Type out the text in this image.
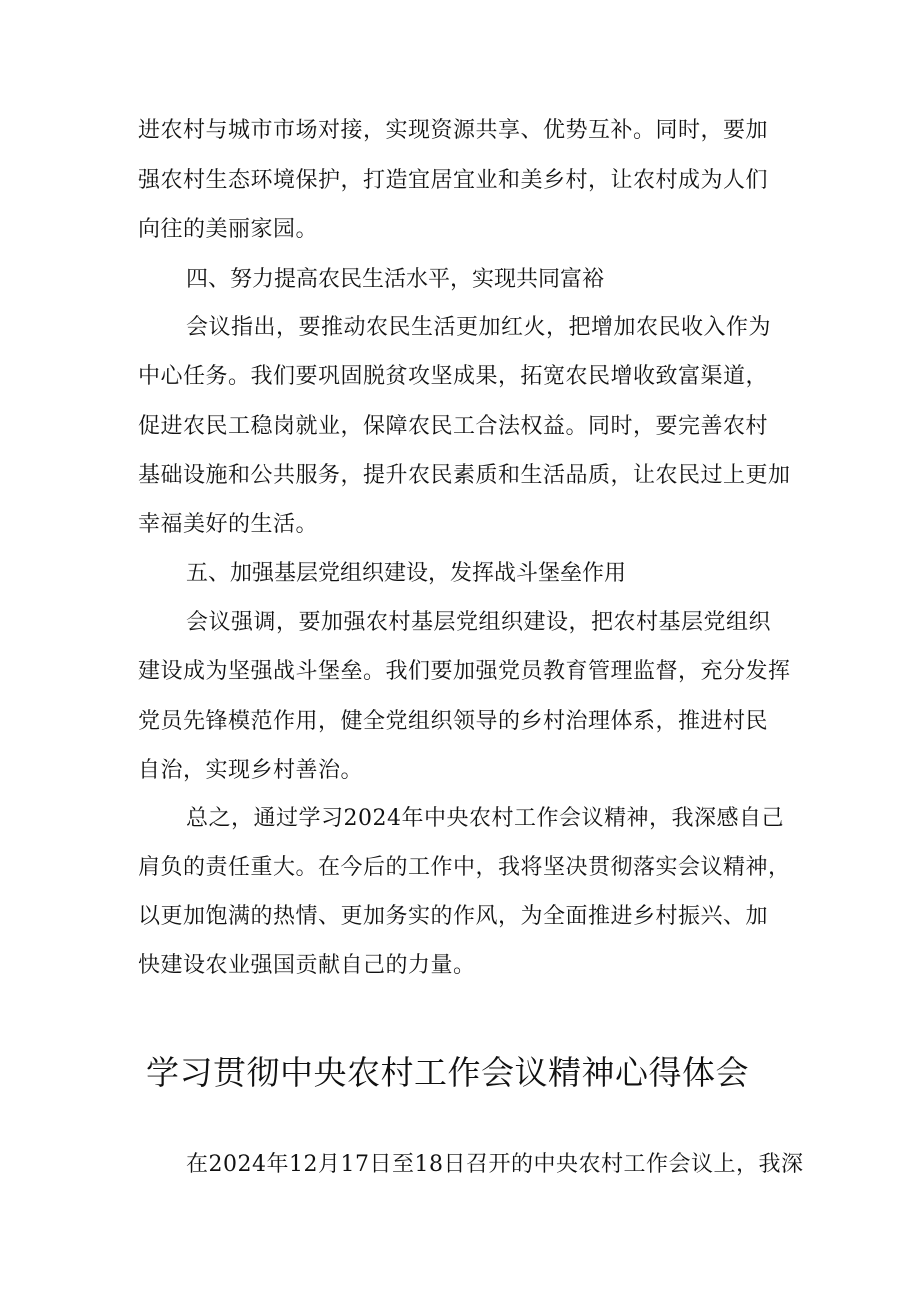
进农村与城市市场对接，实现资源共享、优势互补。同时，要加
强农村生态环境保护，打造宜居宜业和美乡村，让农村成为人们
向往的美丽家园。
四、努力提高农民生活水平，实现共同富裕
会议指出，要推动农民生活更加红火，把增加农民收入作为
中心任务。我们要巩固脱贫攻坚成果，拓宽农民增收致富渠道，
促进农民工稳岗就业，保障农民工合法权益。同时，要完善农村
基础设施和公共服务，提升农民素质和生活品质，让农民过上更加
幸福美好的生活。
五、加强基层党组织建设，发挥战斗堡垒作用
会议强调，要加强农村基层党组织建设，把农村基层党组织
建设成为坚强战斗堡垒。我们要加强党员教育管理监督，充分发挥
党员先锋模范作用，健全党组织领导的乡村治理体系，推进村民
自治，实现乡村善治。
总之，通过学习2024年中央农村工作会议精神，我深感自己
肩负的责任重大。在今后的工作中，我将坚决贯彻落实会议精神，
以更加饱满的热情、更加务实的作风，为全面推进乡村振兴、加
快建设农业强国贡献自己的力量。
学习贯彻中央农村工作会议精神心得体会
在2024年12月17日至18日召开的中央农村工作会议上，我深
